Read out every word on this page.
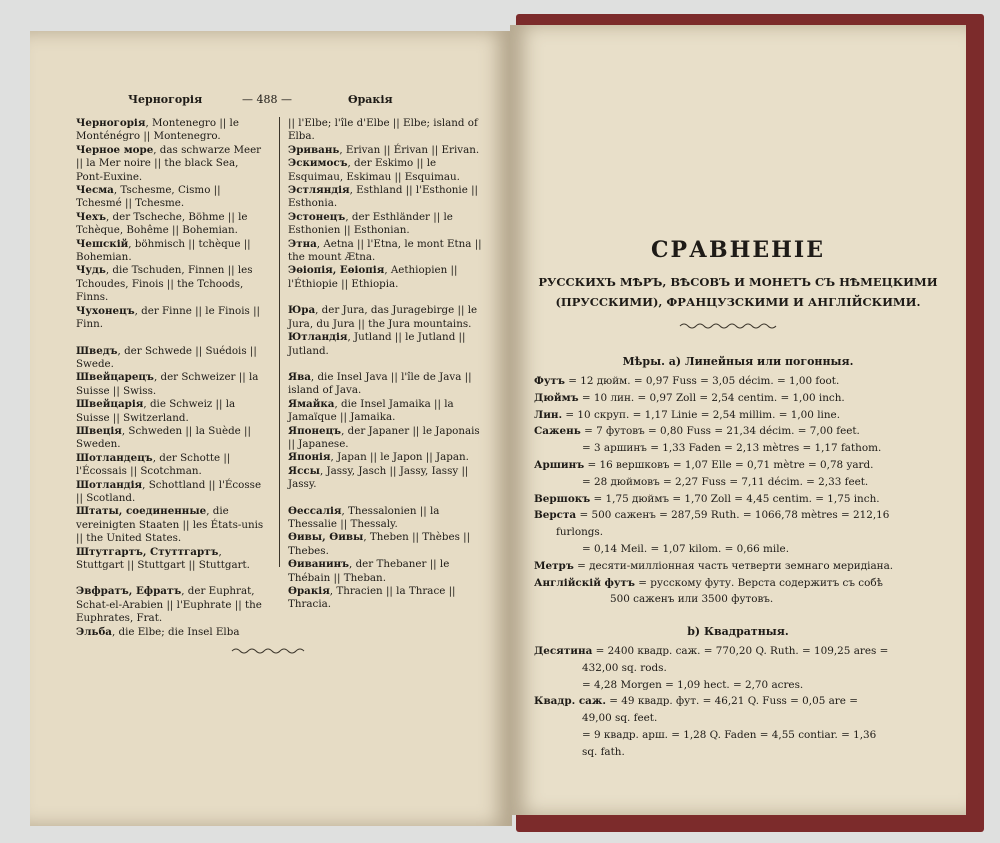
Черногорія	— 488 —	Ѳракія
Черногорія, Montenegro || le Monténégro || Montenegro.
Черное море, das schwarze Meer || la Mer noire || the black Sea, Pont-Euxine.
Чесма, Tschesme, Cismo || Tchesmé || Tchesme.
Чехъ, der Tscheche, Böhme || le Tchèque, Bohême || Bohemian.
Чешскій, böhmisch || tchèque || Bohemian.
Чудь, die Tschuden, Finnen || les Tchoudes, Finois || the Tchoods, Finns.
Чухонецъ, der Finne || le Finois || Finn.
Шведъ, der Schwede || Suédois || Swede.
Швейцарецъ, der Schweizer || la Suisse || Swiss.
Швейцарія, die Schweiz || la Suisse || Switzerland.
Швеція, Schweden || la Suède || Sweden.
Шотландецъ, der Schotte || l'Écossais || Scotchman.
Шотландія, Schottland || l'Écosse || Scotland.
Штаты, соединенные, die vereinigten Staaten || les États-unis || the United States.
Штутгартъ, Стуттгартъ, Stuttgart || Stuttgart || Stuttgart.
Эвфратъ, Ефратъ, der Euphrat, Schat-el-Arabien || l'Euphrate || the Euphrates, Frat.
Эльба, die Elbe; die Insel Elba
|| l'Elbe; l'île d'Elbe || Elbe; island of Elba.
Эривань, Erivan || Érivan || Erivan.
Эскимосъ, der Eskimo || le Esquimau, Eskimau || Esquimau.
Эстляндія, Esthland || l'Esthonie || Esthonia.
Эстонецъ, der Esthländer || le Esthonien || Esthonian.
Этна, Aetna || l'Etna, le mont Etna || the mount Ætna.
Эѳіопія, Еѳіопія, Aethiopien || l'Éthiopie || Ethiopia.
Юра, der Jura, das Juragebirge || le Jura, du Jura || the Jura mountains.
Ютландія, Jutland || le Jutland || Jutland.
Ява, die Insel Java || l'île de Java || island of Java.
Ямайка, die Insel Jamaika || la Jamaïque || Jamaika.
Японецъ, der Japaner || le Japonais || Japanese.
Японія, Japan || le Japon || Japan.
Яссы, Jassy, Jasch || Jassy, Iassy || Jassy.
Ѳессалія, Thessalonien || la Thessalie || Thessaly.
Ѳивы, Ѳивы, Theben || Thèbes || Thebes.
Ѳиванинъ, der Thebaner || le Thébain || Theban.
Ѳракія, Thracien || la Thrace || Thracia.
СРАВНЕНІЕ
РУССКИХЪ МѢРЪ, ВѢСОВЪ И МОНЕТЪ СЪ НѢМЕЦКИМИ
(ПРУССКИМИ), ФРАНЦУЗСКИМИ И АНГЛІЙСКИМИ.
Мѣры. a) Линейныя или погонныя.
Футъ = 12 дюйм. = 0,97 Fuss = 3,05 décim. = 1,00 foot.
Дюймъ = 10 лин. = 0,97 Zoll = 2,54 centim. = 1,00 inch.
Лин. = 10 скруп. = 1,17 Linie = 2,54 millim. = 1,00 line.
Сажень = 7 футовъ = 0,80 Fuss = 21,34 décim. = 7,00 feet.
= 3 аршинъ = 1,33 Faden = 2,13 mètres = 1,17 fathom.
Аршинъ = 16 вершковъ = 1,07 Elle = 0,71 mètre = 0,78 yard.
= 28 дюймовъ = 2,27 Fuss = 7,11 décim. = 2,33 feet.
Вершокъ = 1,75 дюймъ = 1,70 Zoll = 4,45 centim. = 1,75 inch.
Верста = 500 саженъ = 287,59 Ruth. = 1066,78 mètres = 212,16
furlongs.
= 0,14 Meil. = 1,07 kilom. = 0,66 mile.
Метръ = десяти-милліонная часть четверти земнаго меридіана.
Англійскій футъ = русскому футу. Верста содержитъ съ собѣ
500 саженъ или 3500 футовъ.
b) Квадратныя.
Десятина = 2400 квадр. саж. = 770,20 Q. Ruth. = 109,25 ares =
432,00 sq. rods.
= 4,28 Morgen = 1,09 hect. = 2,70 acres.
Квадр. саж. = 49 квадр. фут. = 46,21 Q. Fuss = 0,05 are =
49,00 sq. feet.
= 9 квадр. арш. = 1,28 Q. Faden = 4,55 contiar. = 1,36
sq. fath.
